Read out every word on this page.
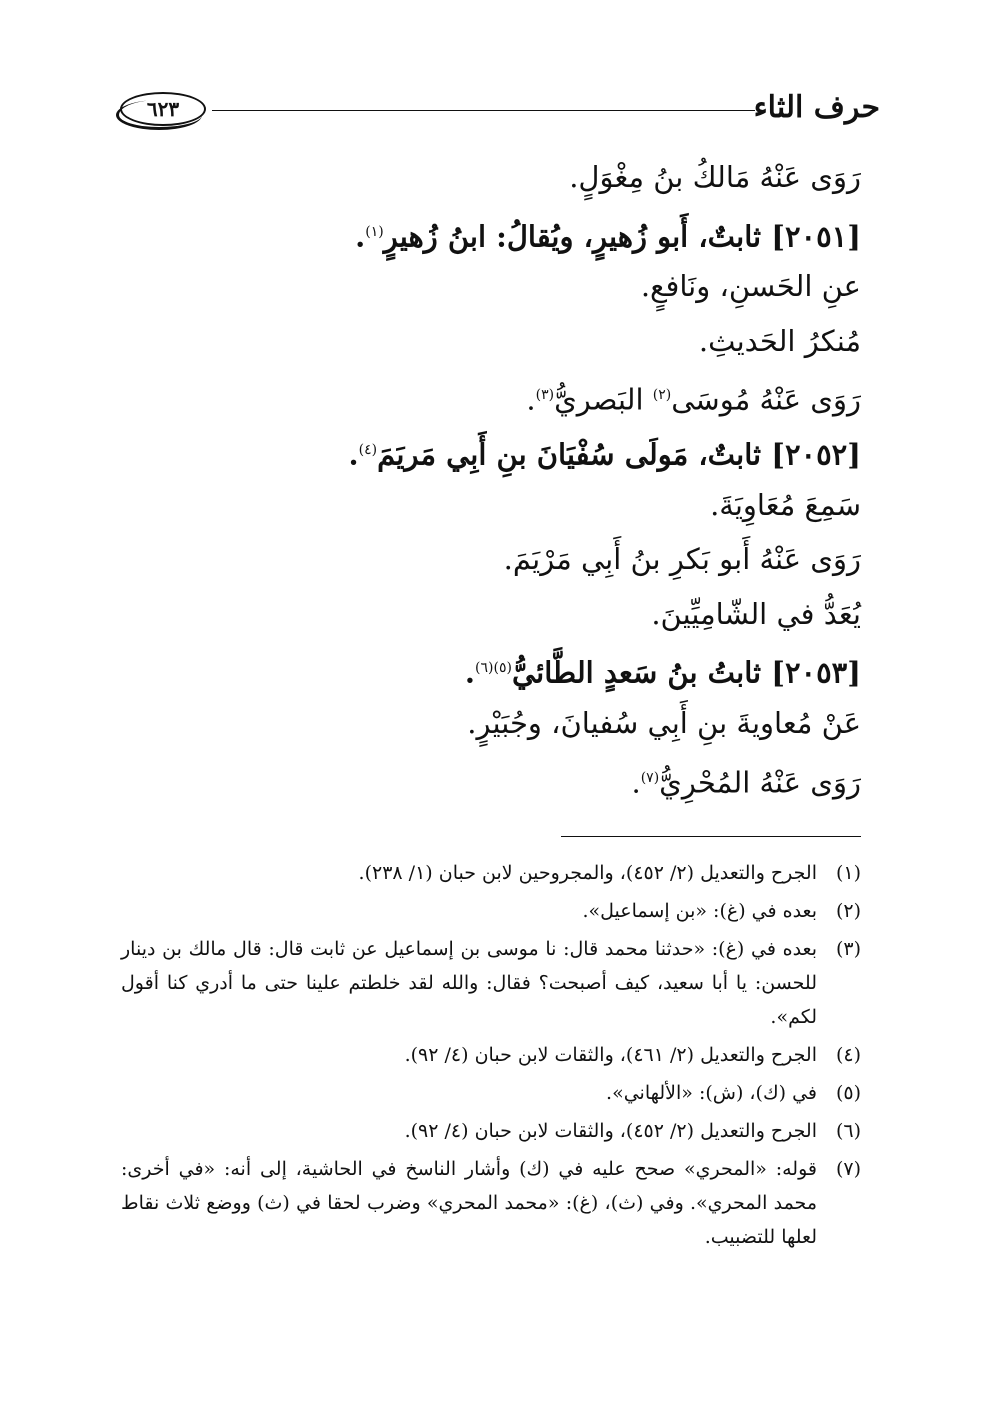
حرف الثاء
٦٢٣
رَوَى عَنْهُ مَالكُ بنُ مِغْوَلٍ.
[٢٠٥١] ثابتٌ، أَبو زُهيرٍ، ويُقالُ: ابنُ زُهيرٍ$^{(١)}$.
عنِ الحَسنِ، ونَافعٍ.
مُنكرُ الحَديثِ.
رَوَى عَنْهُ مُوسَى$^{(٢)}$ البَصريُّ$^{(٣)}$.
[٢٠٥٢] ثابتٌ، مَولَى سُفْيَانَ بنِ أَبِي مَريَمَ$^{(٤)}$.
سَمِعَ مُعَاوِيَةَ.
رَوَى عَنْهُ أَبو بَكرِ بنُ أَبِي مَرْيَمَ.
يُعَدُّ في الشّامِيِّينَ.
[٢٠٥٣] ثابتُ بنُ سَعدٍ الطَّائيُّ$^{(٥)(٦)}$.
عَنْ مُعاويةَ بنِ أَبِي سُفيانَ، وجُبَيْرٍ.
رَوَى عَنْهُ المُحْرِيُّ$^{(٧)}$.
(١)
الجرح والتعديل (٢/ ٤٥٢)، والمجروحين لابن حبان (١/ ٢٣٨).
(٢)
بعده في (غ): «بن إسماعيل».
(٣)
بعده في (غ): «حدثنا محمد قال: نا موسى بن إسماعيل عن ثابت قال: قال مالك بن دينار للحسن: يا أبا سعيد، كيف أصبحت؟ فقال: والله لقد خلطتم علينا حتى ما أدري كنا أقول لكم».
(٤)
الجرح والتعديل (٢/ ٤٦١)، والثقات لابن حبان (٤/ ٩٢).
(٥)
في (ك)، (ش): «الألهاني».
(٦)
الجرح والتعديل (٢/ ٤٥٢)، والثقات لابن حبان (٤/ ٩٢).
(٧)
قوله: «المحري» صحح عليه في (ك) وأشار الناسخ في الحاشية، إلى أنه: «في أخرى: محمد المحري». وفي (ث)، (غ): «محمد المحري» وضرب لحقا في (ث) ووضع ثلاث نقاط لعلها للتضبيب.
